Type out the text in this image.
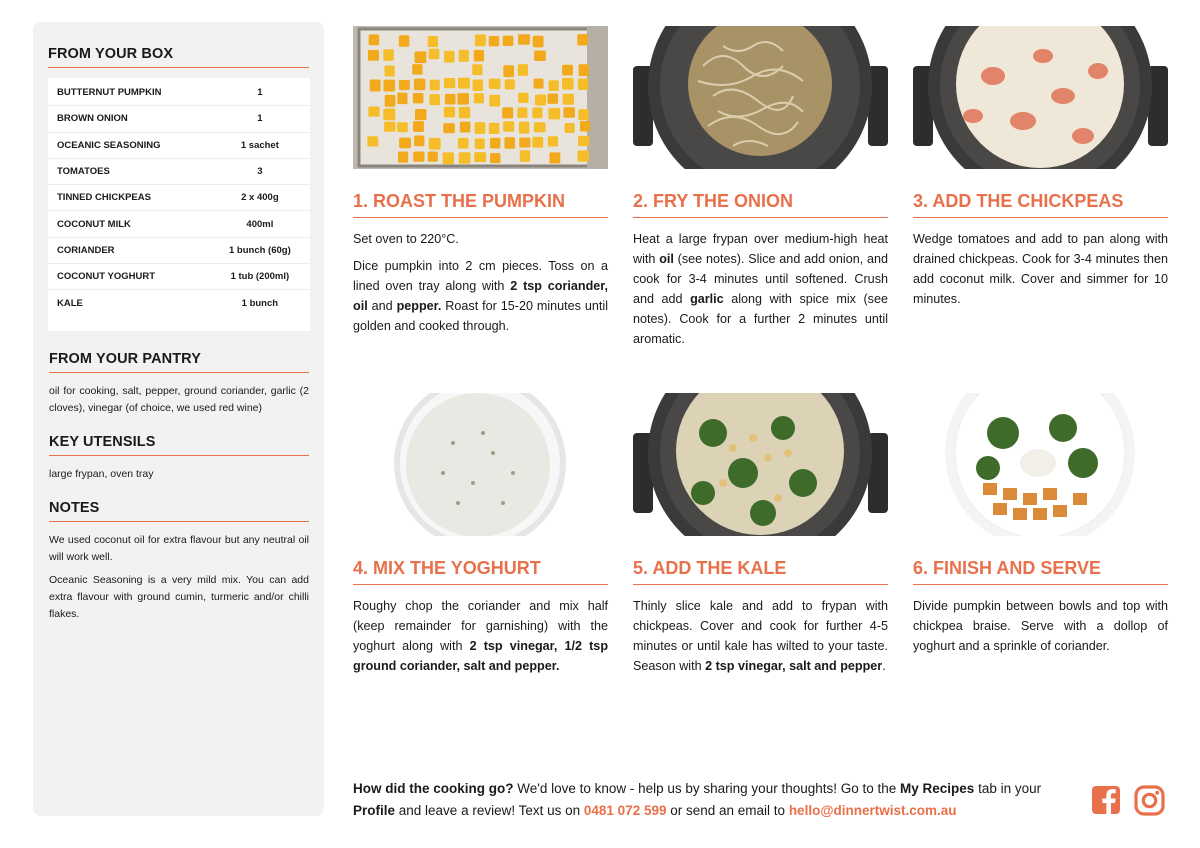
FROM YOUR BOX
BUTTERNUT PUMPKIN	1
BROWN ONION	1
OCEANIC SEASONING	1 sachet
TOMATOES	3
TINNED CHICKPEAS	2 x 400g
COCONUT MILK	400ml
CORIANDER	1 bunch (60g)
COCONUT YOGHURT	1 tub (200ml)
KALE	1 bunch
FROM YOUR PANTRY
oil for cooking, salt, pepper, ground coriander, garlic (2 cloves), vinegar (of choice, we used red wine)
KEY UTENSILS
large frypan, oven tray
NOTES
We used coconut oil for extra flavour but any neutral oil will work well.
Oceanic Seasoning is a very mild mix. You can add extra flavour with ground cumin, turmeric and/or chilli flakes.
1. ROAST THE PUMPKIN

Set oven to 220°C.

Dice pumpkin into 2 cm pieces. Toss on a lined oven tray along with 2 tsp coriander, oil and pepper. Roast for 15-20 minutes until golden and cooked through.

2. FRY THE ONION

Heat a large frypan over medium-high heat with oil (see notes). Slice and add onion, and cook for 3-4 minutes until softened. Crush and add garlic along with spice mix (see notes). Cook for a further 2 minutes until aromatic.

3. ADD THE CHICKPEAS

Wedge tomatoes and add to pan along with drained chickpeas. Cook for 3-4 minutes then add coconut milk. Cover and simmer for 10 minutes.

4. MIX THE YOGHURT

Roughy chop the coriander and mix half (keep remainder for garnishing) with the yoghurt along with 2 tsp vinegar, 1/2 tsp ground coriander, salt and pepper.

5. ADD THE KALE

Thinly slice kale and add to frypan with chickpeas. Cover and cook for further 4-5 minutes or until kale has wilted to your taste. Season with 2 tsp vinegar, salt and pepper.

6. FINISH AND SERVE

Divide pumpkin between bowls and top with chickpea braise. Serve with a dollop of yoghurt and a sprinkle of coriander.

How did the cooking go? We'd love to know - help us by sharing your thoughts! Go to the My Recipes tab in your Profile and leave a review! Text us on 0481 072 599 or send an email to hello@dinnertwist.com.au
